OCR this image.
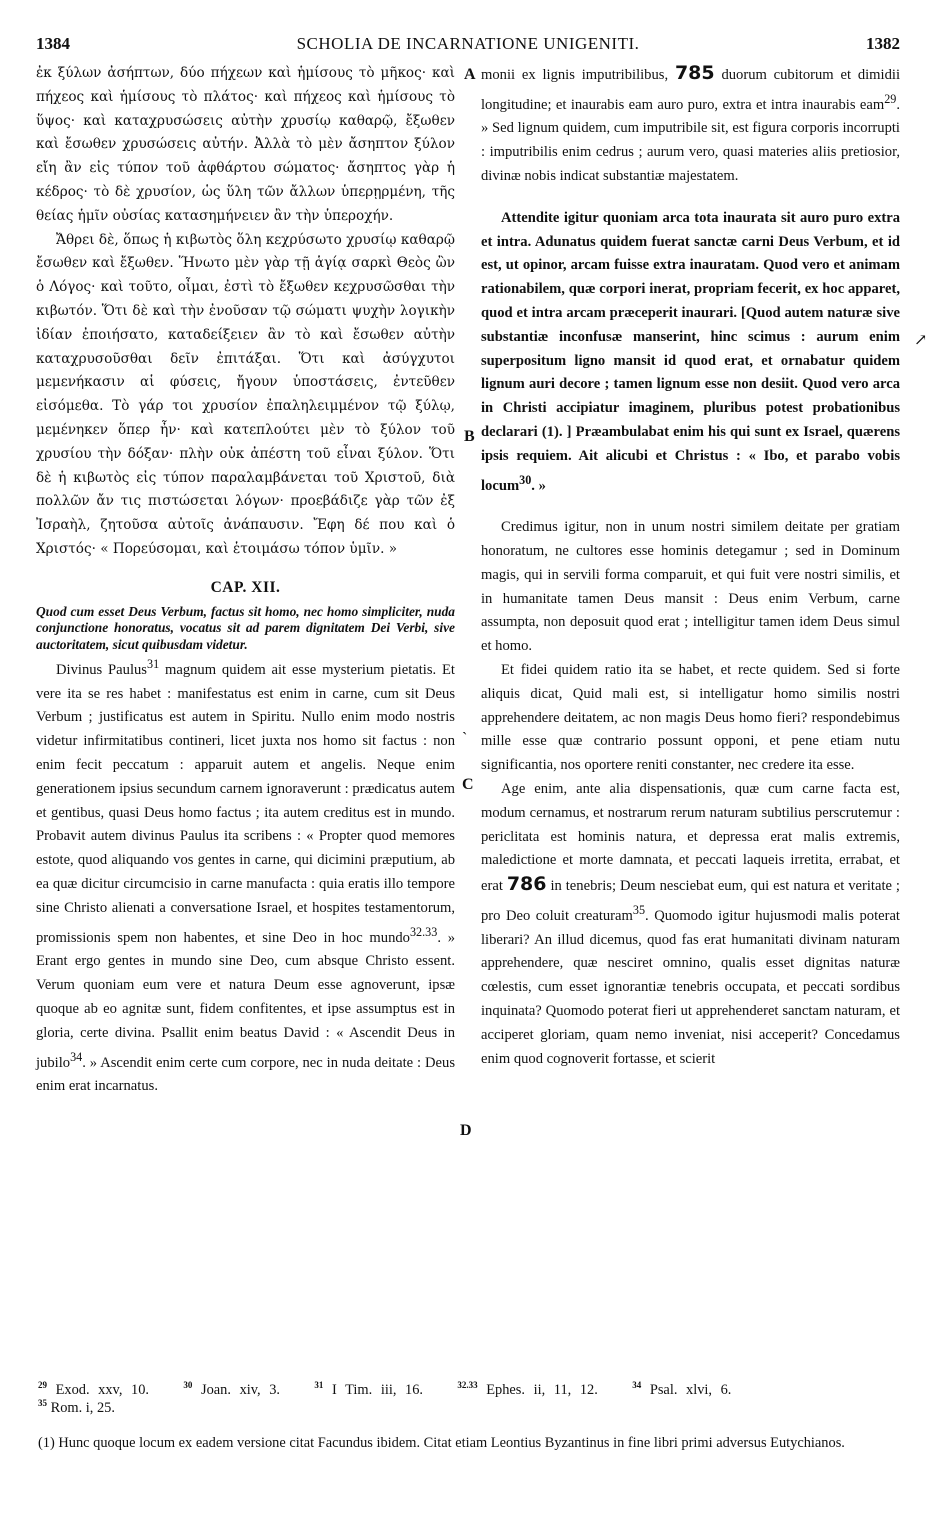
1384	SCHOLIA DE INCARNATIONE UNIGENITI.	1382
A
B
C
D
↗
ˏ

ἐκ ξύλων ἀσήπτων, δύο πήχεων καὶ ἡμίσους τὸ μῆκος· καὶ πήχεος καὶ ἡμίσους τὸ πλάτος· καὶ πήχεος καὶ ἡμίσους τὸ ὕψος· καὶ καταχρυσώσεις αὐτὴν χρυσίῳ καθαρῷ, ἔξωθεν καὶ ἔσωθεν χρυσώσεις αὐτήν. Ἀλλὰ τὸ μὲν ἄσηπτον ξύλον εἴη ἂν εἰς τύπον τοῦ ἀφθάρτου σώματος· ἄσηπτος γὰρ ἡ κέδρος· τὸ δὲ χρυσίον, ὡς ὕλη τῶν ἄλλων ὑπερῃρμένη, τῆς θείας ἡμῖν οὐσίας κατασημήνειεν ἂν τὴν ὑπεροχήν.

Ἄθρει δὲ, ὅπως ἡ κιβωτὸς ὅλη κεχρύσωτο χρυσίῳ καθαρῷ ἔσωθεν καὶ ἔξωθεν. Ἥνωτο μὲν γὰρ τῇ ἁγίᾳ σαρκὶ Θεὸς ὢν ὁ Λόγος· καὶ τοῦτο, οἶμαι, ἐστὶ τὸ ἔξωθεν κεχρυσῶσθαι τὴν κιβωτόν. Ὅτι δὲ καὶ τὴν ἐνοῦσαν τῷ σώματι ψυχὴν λογικὴν ἰδίαν ἐποιήσατο, καταδείξειεν ἂν τὸ καὶ ἔσωθεν αὐτὴν καταχρυσοῦσθαι δεῖν ἐπιτάξαι. Ὅτι καὶ ἀσύγχυτοι μεμενήκασιν αἱ φύσεις, ἤγουν ὑποστάσεις, ἐντεῦθεν εἰσόμεθα. Τὸ γάρ τοι χρυσίον ἐπαληλειμμένον τῷ ξύλῳ, μεμένηκεν ὅπερ ἦν· καὶ κατεπλούτει μὲν τὸ ξύλον τοῦ χρυσίου τὴν δόξαν· πλὴν οὐκ ἀπέστη τοῦ εἶναι ξύλον. Ὅτι δὲ ἡ κιβωτὸς εἰς τύπον παραλαμβάνεται τοῦ Χριστοῦ, διὰ πολλῶν ἄν τις πιστώσεται λόγων· προεβάδιζε γὰρ τῶν ἐξ Ἰσραὴλ, ζητοῦσα αὐτοῖς ἀνάπαυσιν. Ἔφη δέ που καὶ ὁ Χριστός· « Πορεύσομαι, καὶ ἑτοιμάσω τόπον ὑμῖν. »

CAP. XII.

Quod cum esset Deus Verbum, factus sit homo, nec homo simpliciter, nuda conjunctione honoratus, vocatus sit ad parem dignitatem Dei Verbi, sive auctoritatem, sicut quibusdam videtur.

Divinus Paulus$^{31}$ magnum quidem ait esse mysterium pietatis. Et vere ita se res habet : manifestatus est enim in carne, cum sit Deus Verbum ; justificatus est autem in Spiritu. Nullo enim modo nostris videtur infirmitatibus contineri, licet juxta nos homo sit factus : non enim fecit peccatum : apparuit autem et angelis. Neque enim generationem ipsius secundum carnem ignoraverunt : prædicatus autem et gentibus, quasi Deus homo factus ; ita autem creditus est in mundo. Probavit autem divinus Paulus ita scribens : « Propter quod memores estote, quod aliquando vos gentes in carne, qui dicimini præputium, ab ea quæ dicitur circumcisio in carne manufacta : quia eratis illo tempore sine Christo alienati a conversatione Israel, et hospites testamentorum, promissionis spem non habentes, et sine Deo in hoc mundo$^{32.33}$. » Erant ergo gentes in mundo sine Deo, cum absque Christo essent. Verum quoniam eum vere et natura Deum esse agnoverunt, ipsæ quoque ab eo agnitæ sunt, fidem confitentes, et ipse assumptus est in gloria, certe divina. Psallit enim beatus David : « Ascendit Deus in jubilo$^{34}$. » Ascendit enim certe cum corpore, nec in nuda deitate : Deus enim erat incarnatus.

monii ex lignis imputribilibus, 785 duorum cubitorum et dimidii longitudine; et inaurabis eam auro puro, extra et intra inaurabis eam$^{29}$. » Sed lignum quidem, cum imputribile sit, est figura corporis incorrupti : imputribilis enim cedrus ; aurum vero, quasi materies aliis pretiosior, divinæ nobis indicat substantiæ majestatem.

Attendite igitur quoniam arca tota inaurata sit auro puro extra et intra. Adunatus quidem fuerat sanctæ carni Deus Verbum, et id est, ut opinor, arcam fuisse extra inauratam. Quod vero et animam rationabilem, quæ corpori inerat, propriam fecerit, ex hoc apparet, quod et intra arcam præceperit inaurari. [Quod autem naturæ sive substantiæ inconfusæ manserint, hinc scimus : aurum enim superpositum ligno mansit id quod erat, et ornabatur quidem lignum auri decore ; tamen lignum esse non desiit. Quod vero arca in Christi accipiatur imaginem, pluribus potest probationibus declarari (1). ] Præambulabat enim his qui sunt ex Israel, quærens ipsis requiem. Ait alicubi et Christus : « Ibo, et parabo vobis locum$^{30}$. »

Credimus igitur, non in unum nostri similem deitate per gratiam honoratum, ne cultores esse hominis detegamur ; sed in Dominum magis, qui in servili forma comparuit, et qui fuit vere nostri similis, et in humanitate tamen Deus mansit : Deus enim Verbum, carne assumpta, non deposuit quod erat ; intelligitur tamen idem Deus simul et homo.

Et fidei quidem ratio ita se habet, et recte quidem. Sed si forte aliquis dicat, Quid mali est, si intelligatur homo similis nostri apprehendere deitatem, ac non magis Deus homo fieri? respondebimus mille esse quæ contrario possunt opponi, et pene etiam nutu significantia, nos oportere reniti constanter, nec credere ita esse.

Age enim, ante alia dispensationis, quæ cum carne facta est, modum cernamus, et nostrarum rerum naturam subtilius perscrutemur : periclitata est hominis natura, et depressa erat malis extremis, maledictione et morte damnata, et peccati laqueis irretita, errabat, et erat 786 in tenebris; Deum nesciebat eum, qui est natura et veritate ; pro Deo coluit creaturam$^{35}$. Quomodo igitur hujusmodi malis poterat liberari? An illud dicemus, quod fas erat humanitati divinam naturam apprehendere, quæ nesciret omnino, qualis esset dignitas naturæ cœlestis, cum esset ignorantiæ tenebris occupata, et peccati sordibus inquinata? Quomodo poterat fieri ut apprehenderet sanctam naturam, et acciperet gloriam, quam nemo inveniat, nisi acceperit? Concedamus enim quod cognoverit fortasse, et scierit

$^{29}$ Exod. xxv, 10.	$^{30}$ Joan. xiv, 3.	$^{31}$ I Tim. iii, 16.	$^{32.33}$ Ephes. ii, 11, 12.	$^{34}$ Psal. xlvi, 6.
$^{35}$ Rom. i, 25.
(1) Hunc quoque locum ex eadem versione citat Facundus ibidem. Citat etiam Leontius Byzantinus in fine libri primi adversus Eutychianos.
